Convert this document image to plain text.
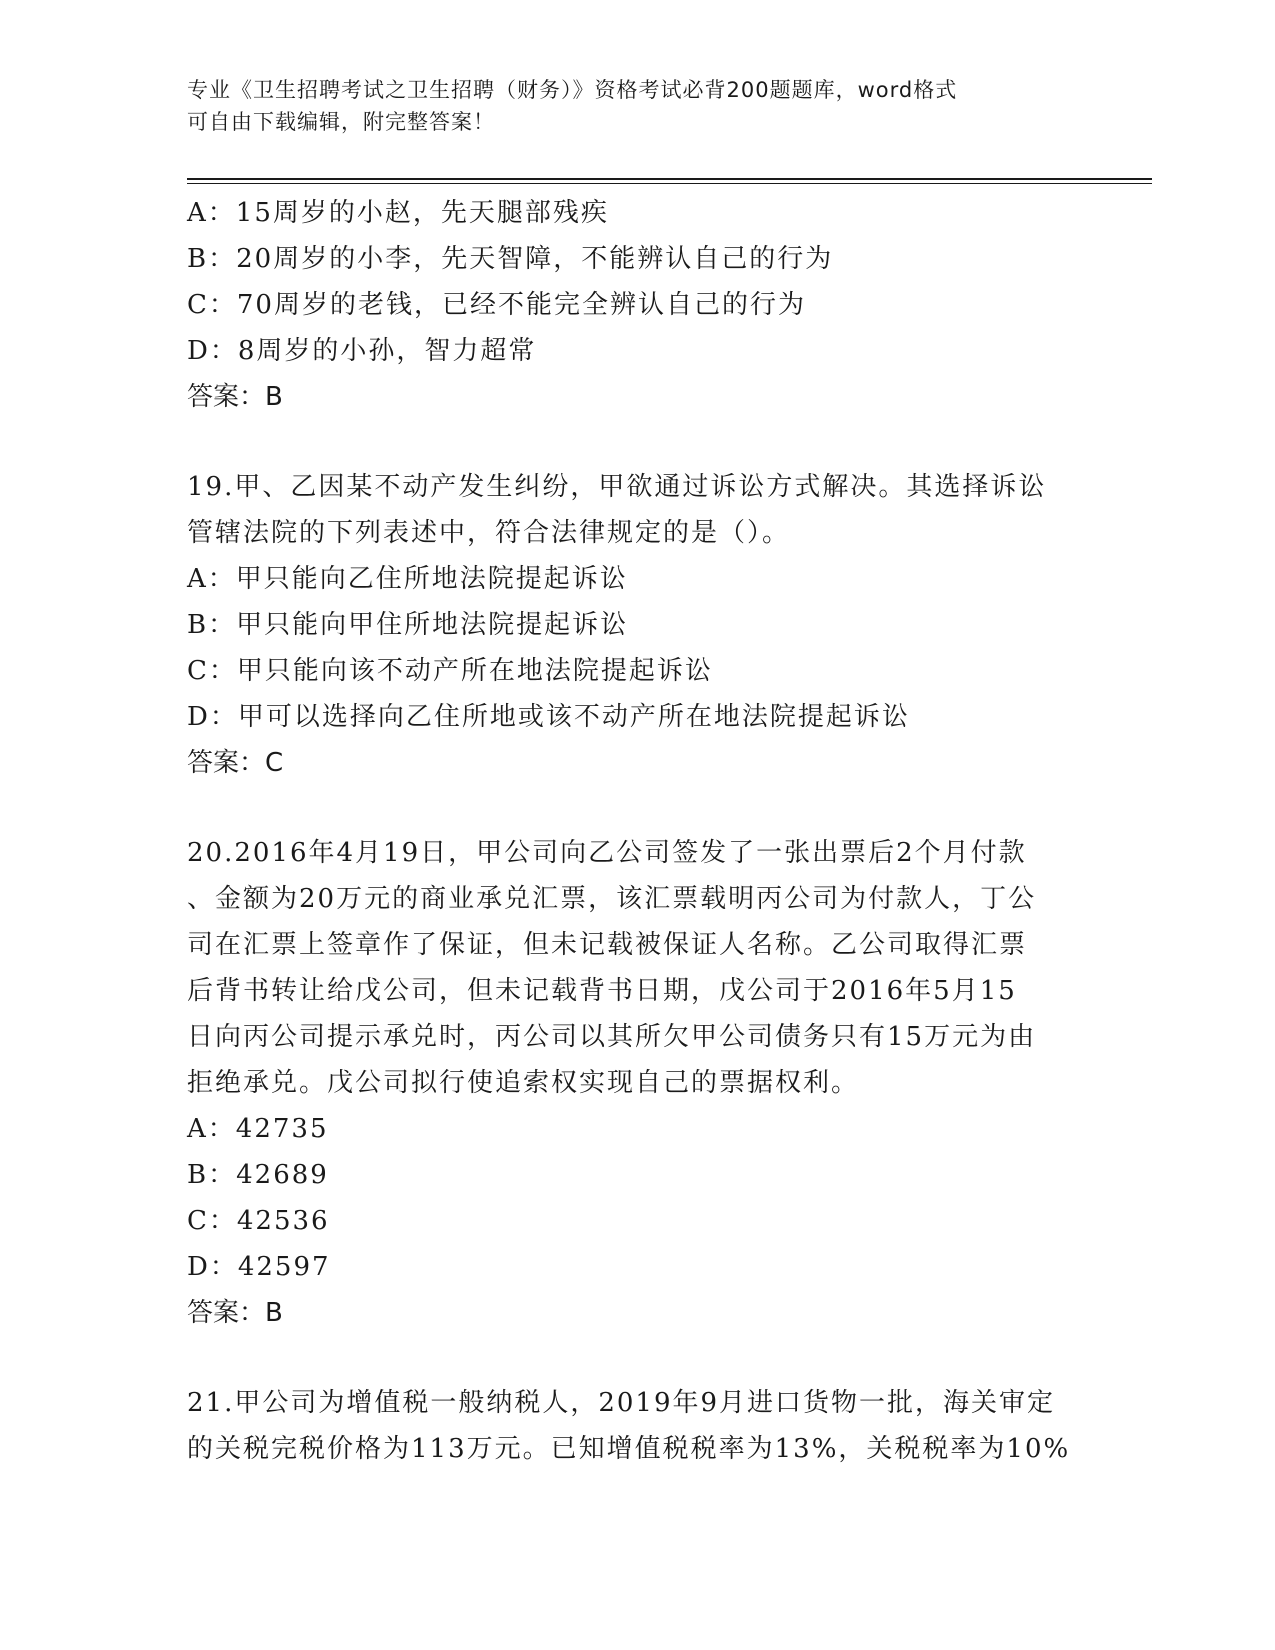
专业《卫生招聘考试之卫生招聘（财务）》资格考试必背200题题库，word格式
可自由下载编辑，附完整答案！
A：15周岁的小赵，先天腿部残疾
B：20周岁的小李，先天智障，不能辨认自己的行为
C：70周岁的老钱，已经不能完全辨认自己的行为
D：8周岁的小孙，智力超常
答案：B
19.甲、乙因某不动产发生纠纷，甲欲通过诉讼方式解决。其选择诉讼
管辖法院的下列表述中，符合法律规定的是（）。
A：甲只能向乙住所地法院提起诉讼
B：甲只能向甲住所地法院提起诉讼
C：甲只能向该不动产所在地法院提起诉讼
D：甲可以选择向乙住所地或该不动产所在地法院提起诉讼
答案：C
20.2016年4月19日，甲公司向乙公司签发了一张出票后2个月付款
、金额为20万元的商业承兑汇票，该汇票载明丙公司为付款人，丁公
司在汇票上签章作了保证，但未记载被保证人名称。乙公司取得汇票
后背书转让给戊公司，但未记载背书日期，戊公司于2016年5月15
日向丙公司提示承兑时，丙公司以其所欠甲公司债务只有15万元为由
拒绝承兑。戊公司拟行使追索权实现自己的票据权利。
A：42735
B：42689
C：42536
D：42597
答案：B
21.甲公司为增值税一般纳税人，2019年9月进口货物一批，海关审定
的关税完税价格为113万元。已知增值税税率为13%，关税税率为10%
